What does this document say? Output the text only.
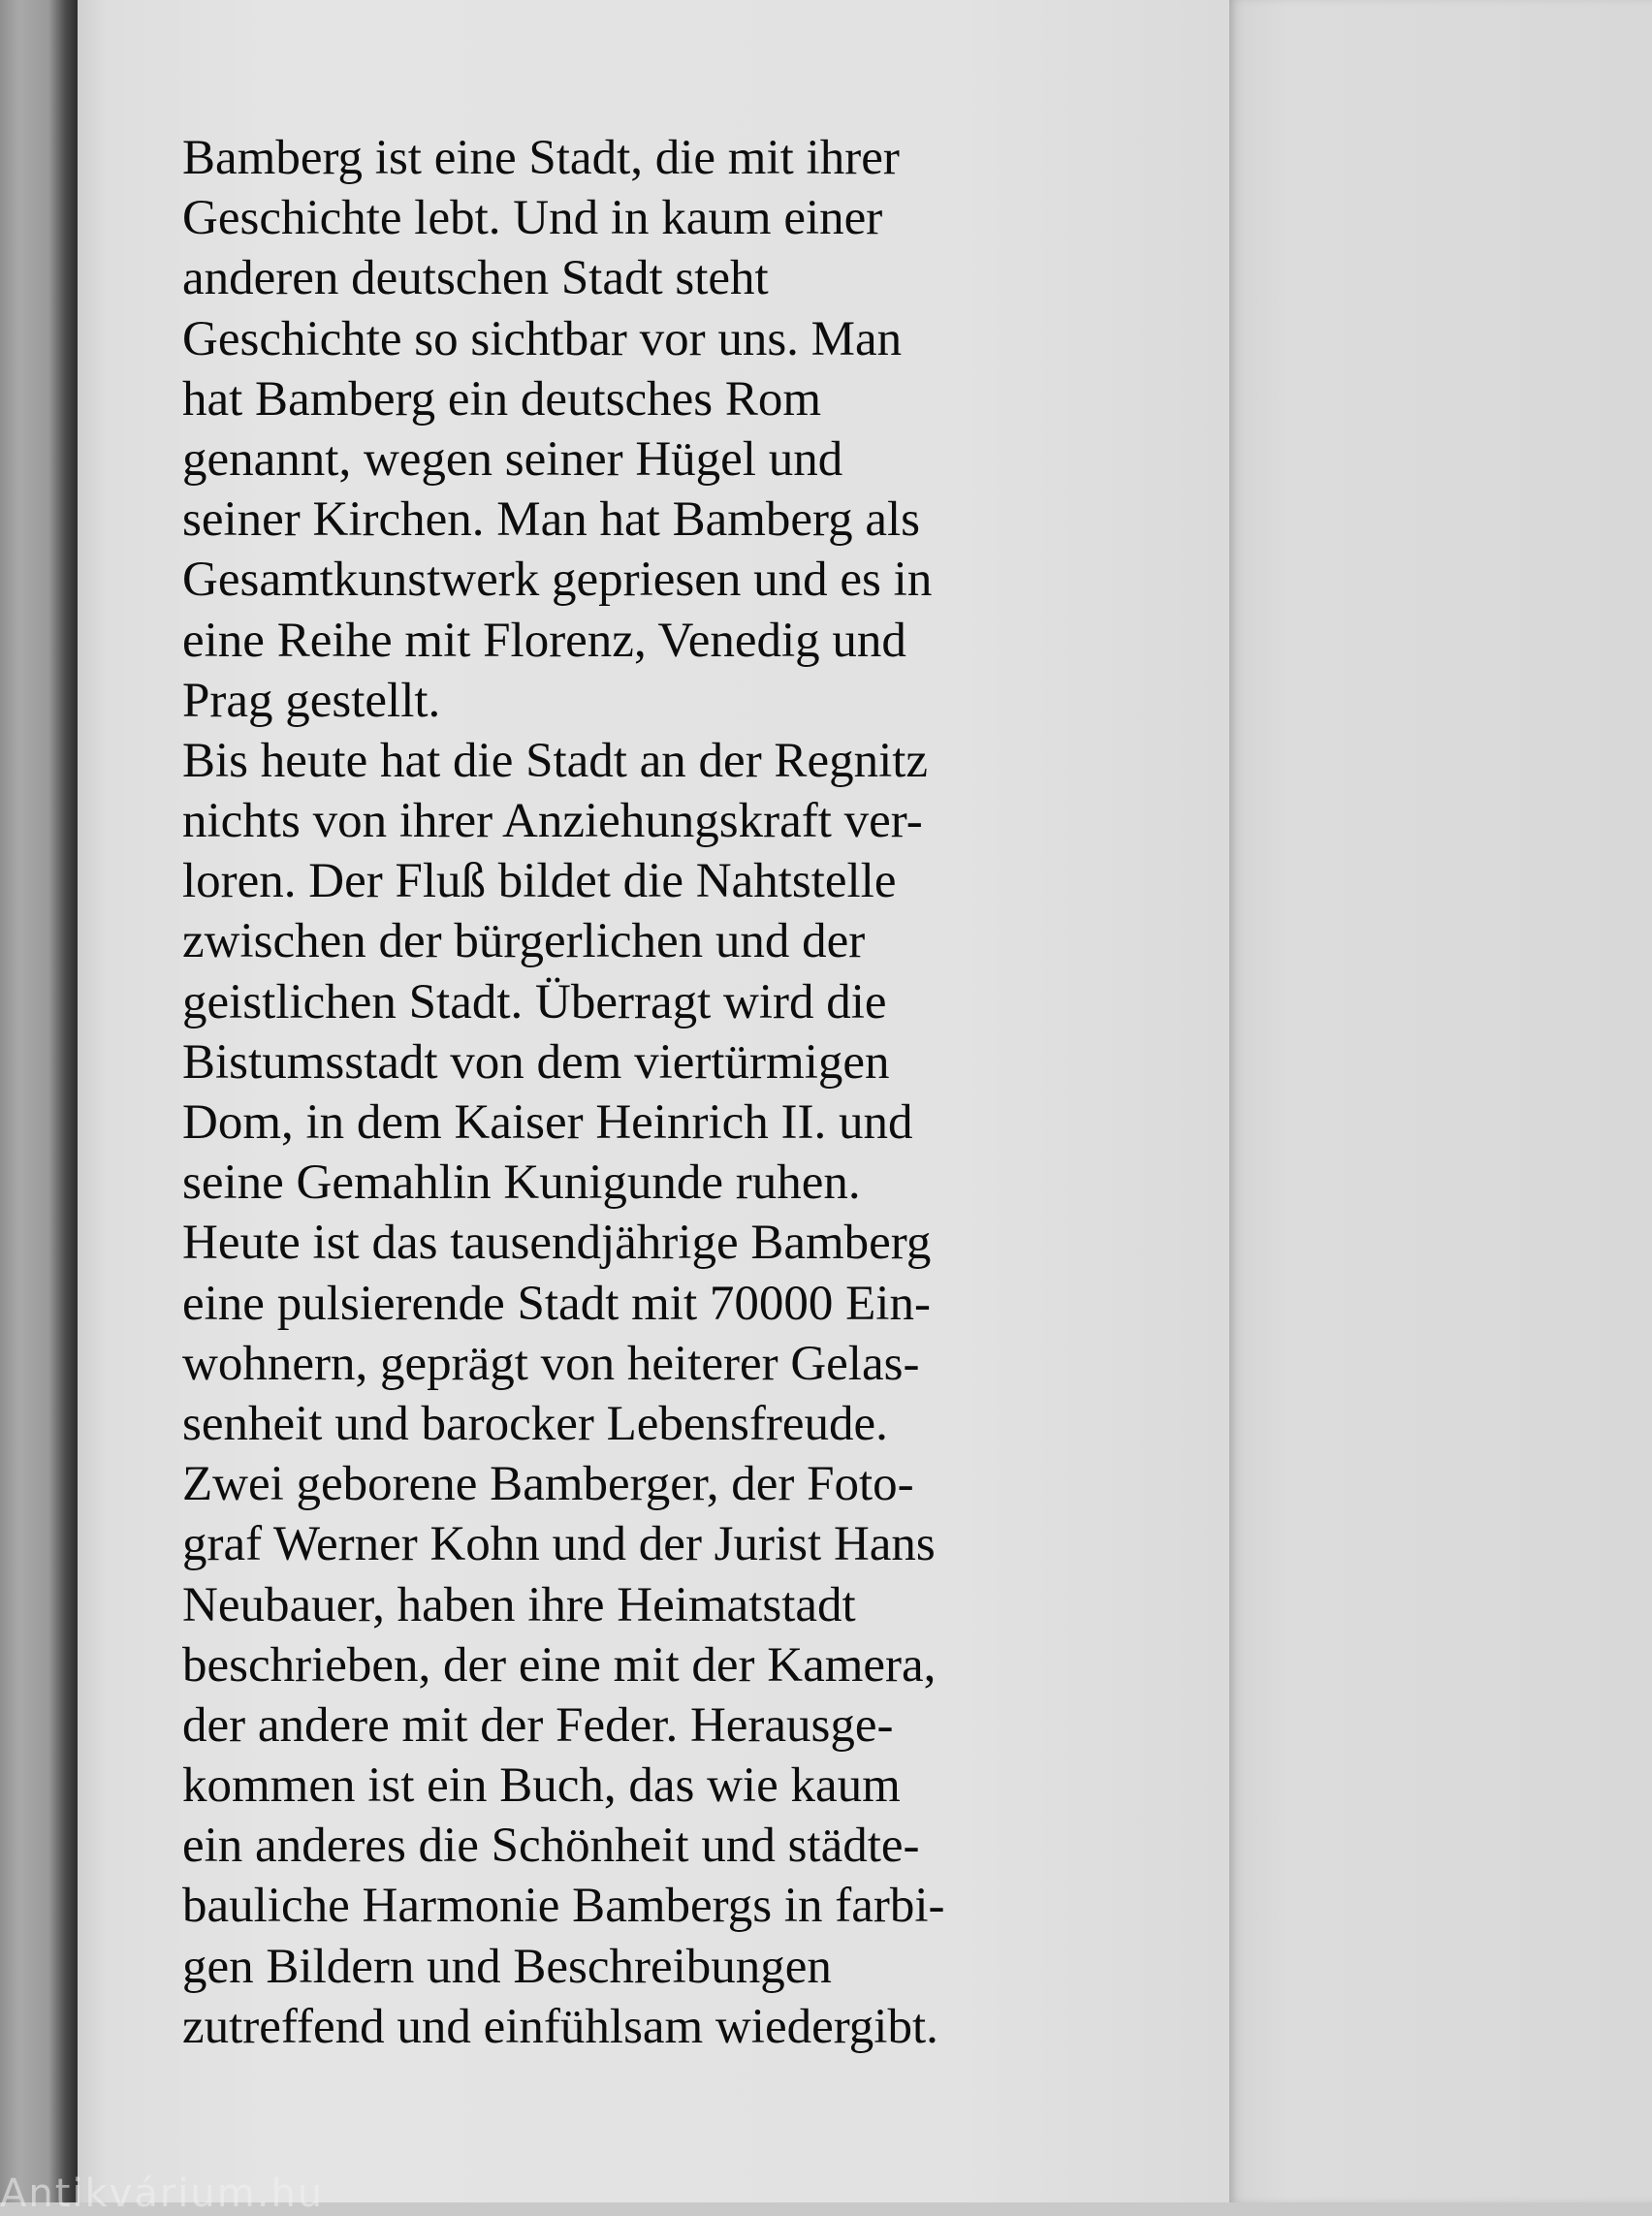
Bamberg ist eine Stadt, die mit ihrer
Geschichte lebt. Und in kaum einer
anderen deutschen Stadt steht
Geschichte so sichtbar vor uns. Man
hat Bamberg ein deutsches Rom
genannt, wegen seiner Hügel und
seiner Kirchen. Man hat Bamberg als
Gesamtkunstwerk gepriesen und es in
eine Reihe mit Florenz, Venedig und
Prag gestellt.
Bis heute hat die Stadt an der Regnitz
nichts von ihrer Anziehungskraft ver-
loren. Der Fluß bildet die Nahtstelle
zwischen der bürgerlichen und der
geistlichen Stadt. Überragt wird die
Bistumsstadt von dem viertürmigen
Dom, in dem Kaiser Heinrich II. und
seine Gemahlin Kunigunde ruhen.
Heute ist das tausendjährige Bamberg
eine pulsierende Stadt mit 70000 Ein-
wohnern, geprägt von heiterer Gelas-
senheit und barocker Lebensfreude.
Zwei geborene Bamberger, der Foto-
graf Werner Kohn und der Jurist Hans
Neubauer, haben ihre Heimatstadt
beschrieben, der eine mit der Kamera,
der andere mit der Feder. Herausge-
kommen ist ein Buch, das wie kaum
ein anderes die Schönheit und städte-
bauliche Harmonie Bambergs in farbi-
gen Bildern und Beschreibungen
zutreffend und einfühlsam wiedergibt.
Antikvárium.hu
